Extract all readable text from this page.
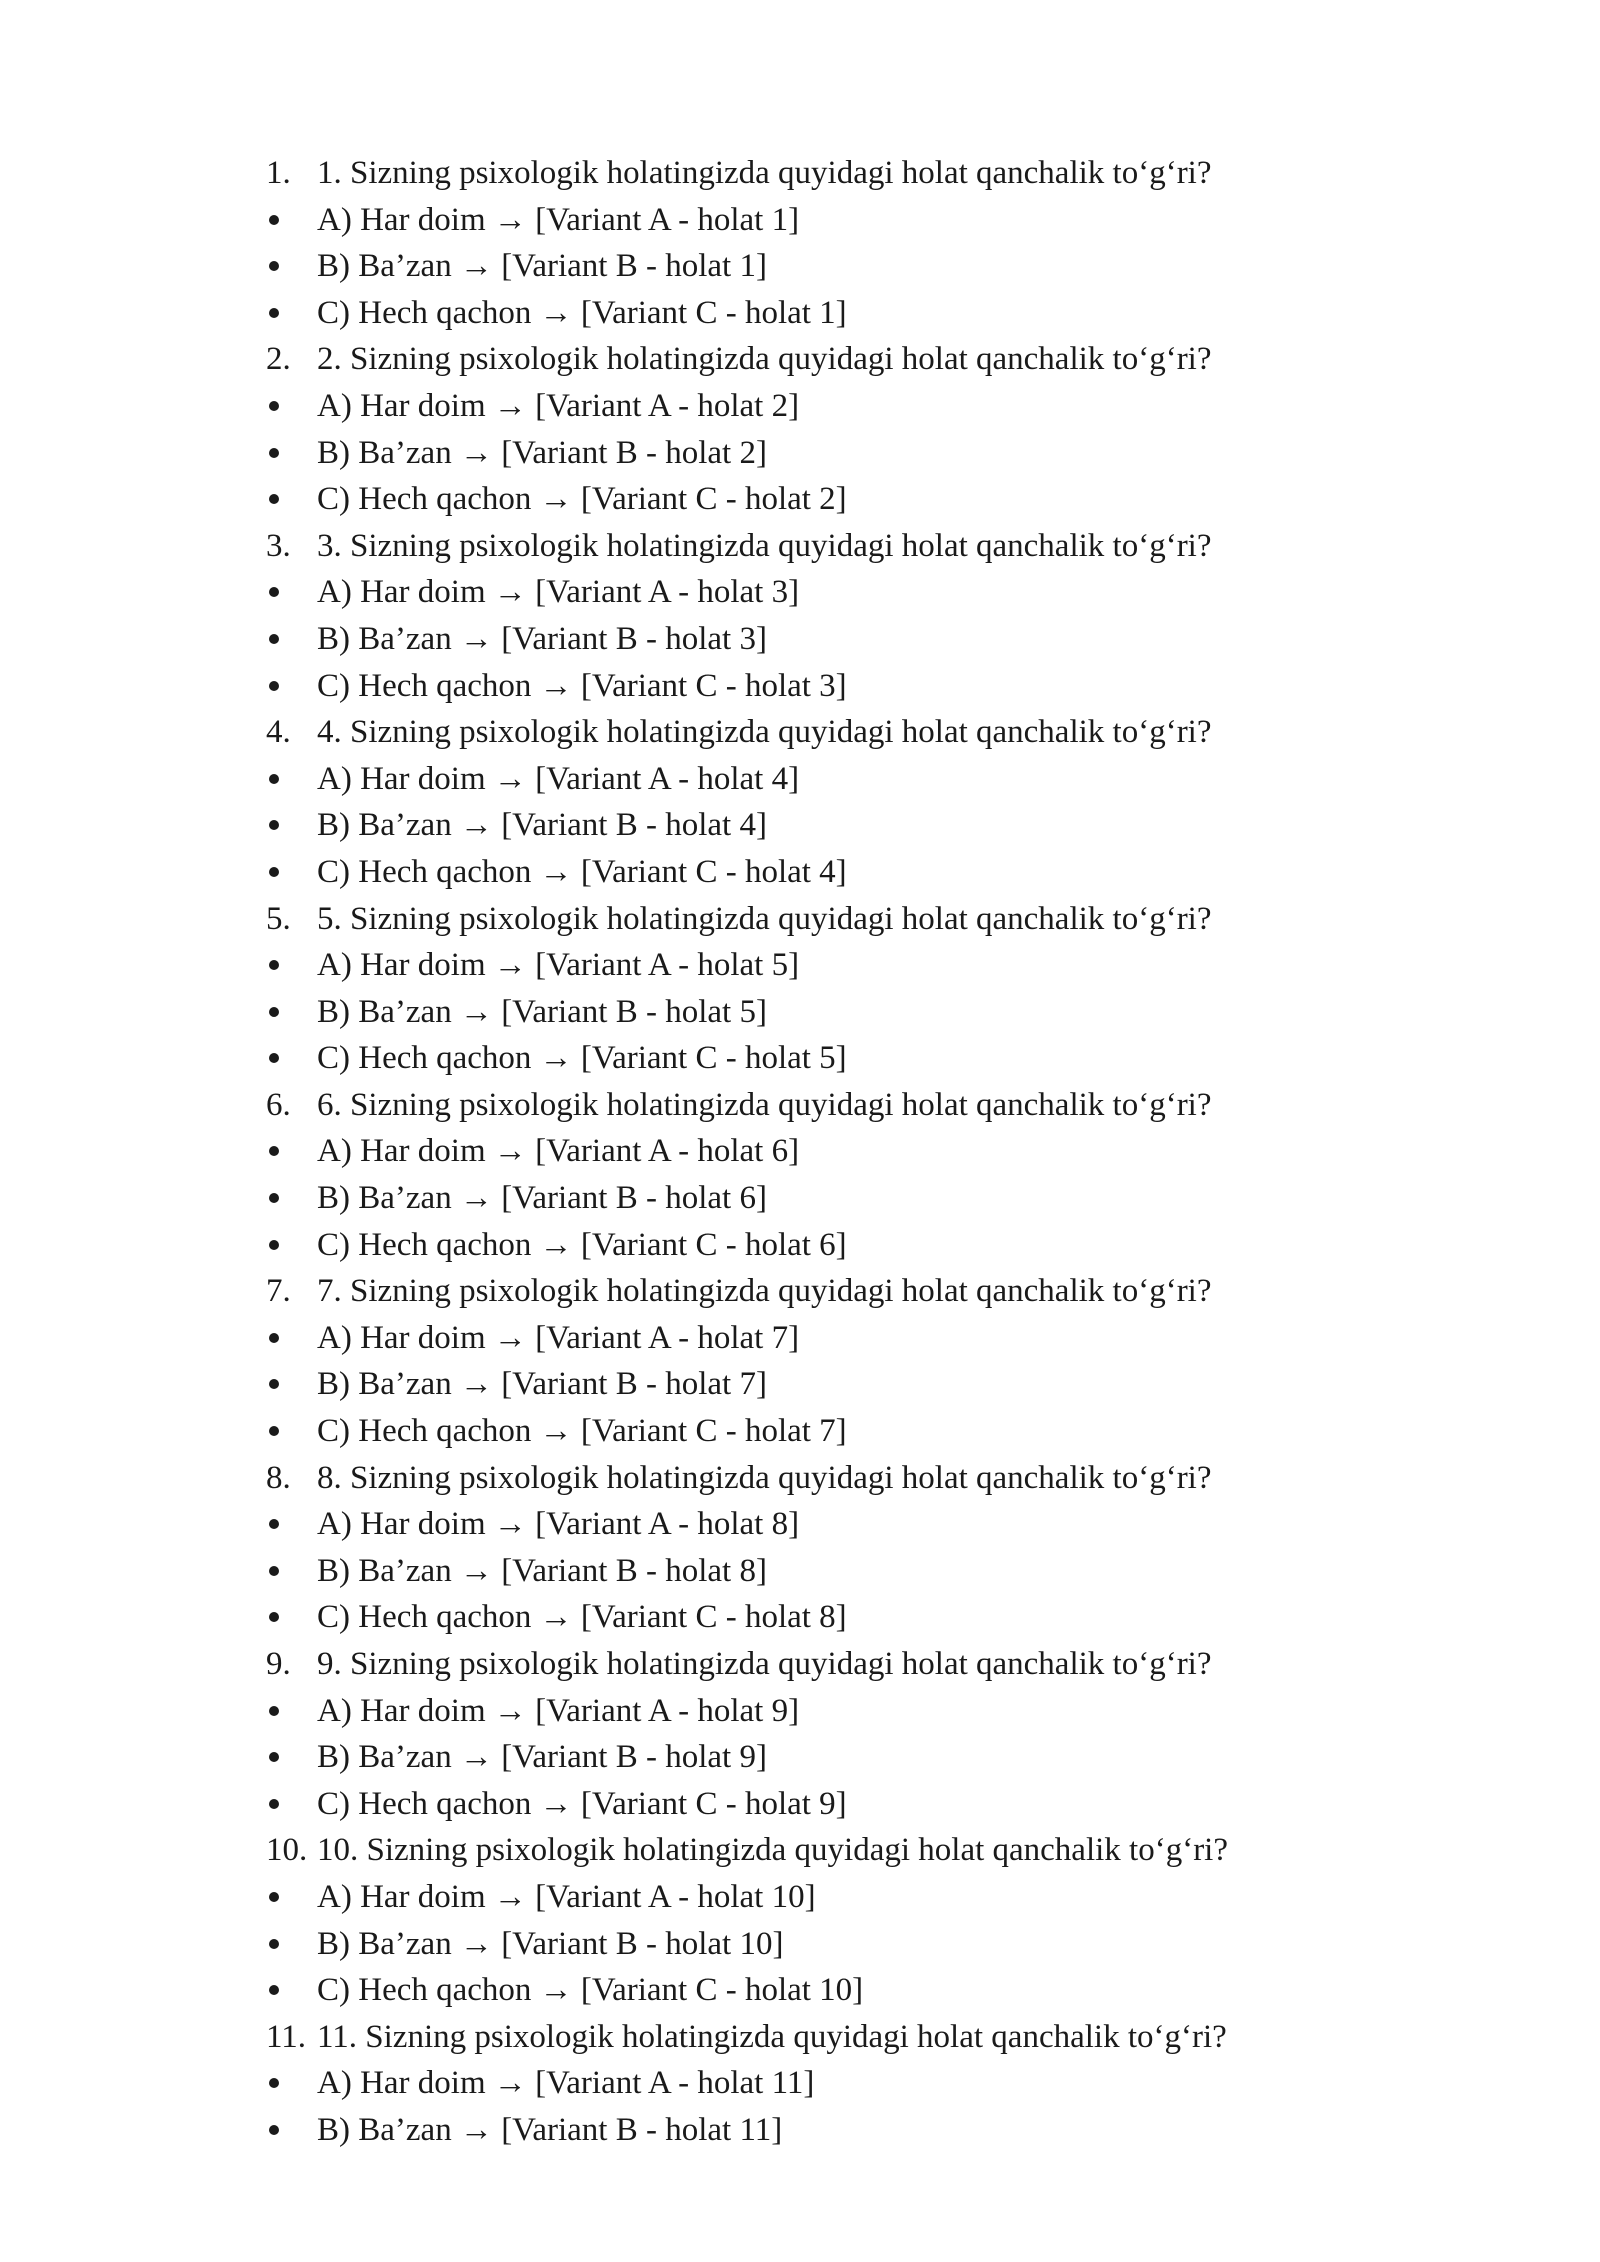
1. 1. Sizning psixologik holatingizda quyidagi holat qanchalik to‘g‘ri?
A) Har doim → [Variant A - holat 1]
B) Ba’zan → [Variant B - holat 1]
C) Hech qachon → [Variant C - holat 1]
2. 2. Sizning psixologik holatingizda quyidagi holat qanchalik to‘g‘ri?
A) Har doim → [Variant A - holat 2]
B) Ba’zan → [Variant B - holat 2]
C) Hech qachon → [Variant C - holat 2]
3. 3. Sizning psixologik holatingizda quyidagi holat qanchalik to‘g‘ri?
A) Har doim → [Variant A - holat 3]
B) Ba’zan → [Variant B - holat 3]
C) Hech qachon → [Variant C - holat 3]
4. 4. Sizning psixologik holatingizda quyidagi holat qanchalik to‘g‘ri?
A) Har doim → [Variant A - holat 4]
B) Ba’zan → [Variant B - holat 4]
C) Hech qachon → [Variant C - holat 4]
5. 5. Sizning psixologik holatingizda quyidagi holat qanchalik to‘g‘ri?
A) Har doim → [Variant A - holat 5]
B) Ba’zan → [Variant B - holat 5]
C) Hech qachon → [Variant C - holat 5]
6. 6. Sizning psixologik holatingizda quyidagi holat qanchalik to‘g‘ri?
A) Har doim → [Variant A - holat 6]
B) Ba’zan → [Variant B - holat 6]
C) Hech qachon → [Variant C - holat 6]
7. 7. Sizning psixologik holatingizda quyidagi holat qanchalik to‘g‘ri?
A) Har doim → [Variant A - holat 7]
B) Ba’zan → [Variant B - holat 7]
C) Hech qachon → [Variant C - holat 7]
8. 8. Sizning psixologik holatingizda quyidagi holat qanchalik to‘g‘ri?
A) Har doim → [Variant A - holat 8]
B) Ba’zan → [Variant B - holat 8]
C) Hech qachon → [Variant C - holat 8]
9. 9. Sizning psixologik holatingizda quyidagi holat qanchalik to‘g‘ri?
A) Har doim → [Variant A - holat 9]
B) Ba’zan → [Variant B - holat 9]
C) Hech qachon → [Variant C - holat 9]
10. 10. Sizning psixologik holatingizda quyidagi holat qanchalik to‘g‘ri?
A) Har doim → [Variant A - holat 10]
B) Ba’zan → [Variant B - holat 10]
C) Hech qachon → [Variant C - holat 10]
11. 11. Sizning psixologik holatingizda quyidagi holat qanchalik to‘g‘ri?
A) Har doim → [Variant A - holat 11]
B) Ba’zan → [Variant B - holat 11]
